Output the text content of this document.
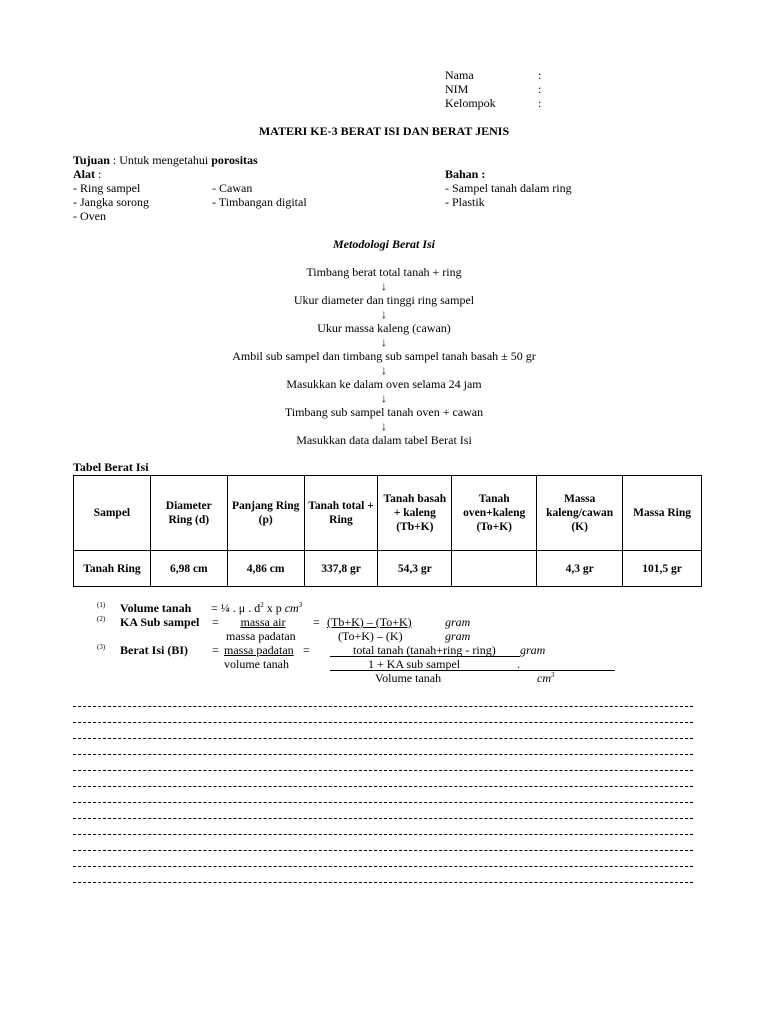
Nama	:
NIM	:
Kelompok	:
MATERI KE-3 BERAT ISI DAN BERAT JENIS
Tujuan : Untuk mengetahui porositas
Alat :
- Ring sampel
- Jangka sorong
- Oven
- Cawan
- Timbangan digital
Bahan :
- Sampel tanah dalam ring
- Plastik
Metodologi Berat Isi
Timbang berat total tanah + ring
↓
Ukur diameter dan tinggi ring sampel
↓
Ukur massa kaleng (cawan)
↓
Ambil sub sampel dan timbang sub sampel tanah basah ± 50 gr
↓
Masukkan ke dalam oven selama 24 jam
↓
Timbang sub sampel tanah oven + cawan
↓
Masukkan data dalam tabel Berat Isi
Tabel Berat Isi
Sampel	Diameter Ring (d)	Panjang Ring (p)	Tanah total + Ring	Tanah basah + kaleng (Tb+K)	Tanah oven+kaleng (To+K)	Massa kaleng/cawan (K)	Massa Ring
Tanah Ring	6,98 cm	4,86 cm	337,8 gr	54,3 gr		4,3 gr	101,5 gr
(1) Volume tanah = ¼ . μ . $d^2$ x p $cm^3$
(2) KA Sub sampel =	massa air
massa padatan
= (Tb+K) – (To+K)
(To+K) – (K)
gram
gram
(3) Berat Isi (BI) = massa padatan
volume tanah
=	total tanah (tanah+ring - ring) gram
1 + KA sub sampel	.
Volume tanah	$cm^3$
